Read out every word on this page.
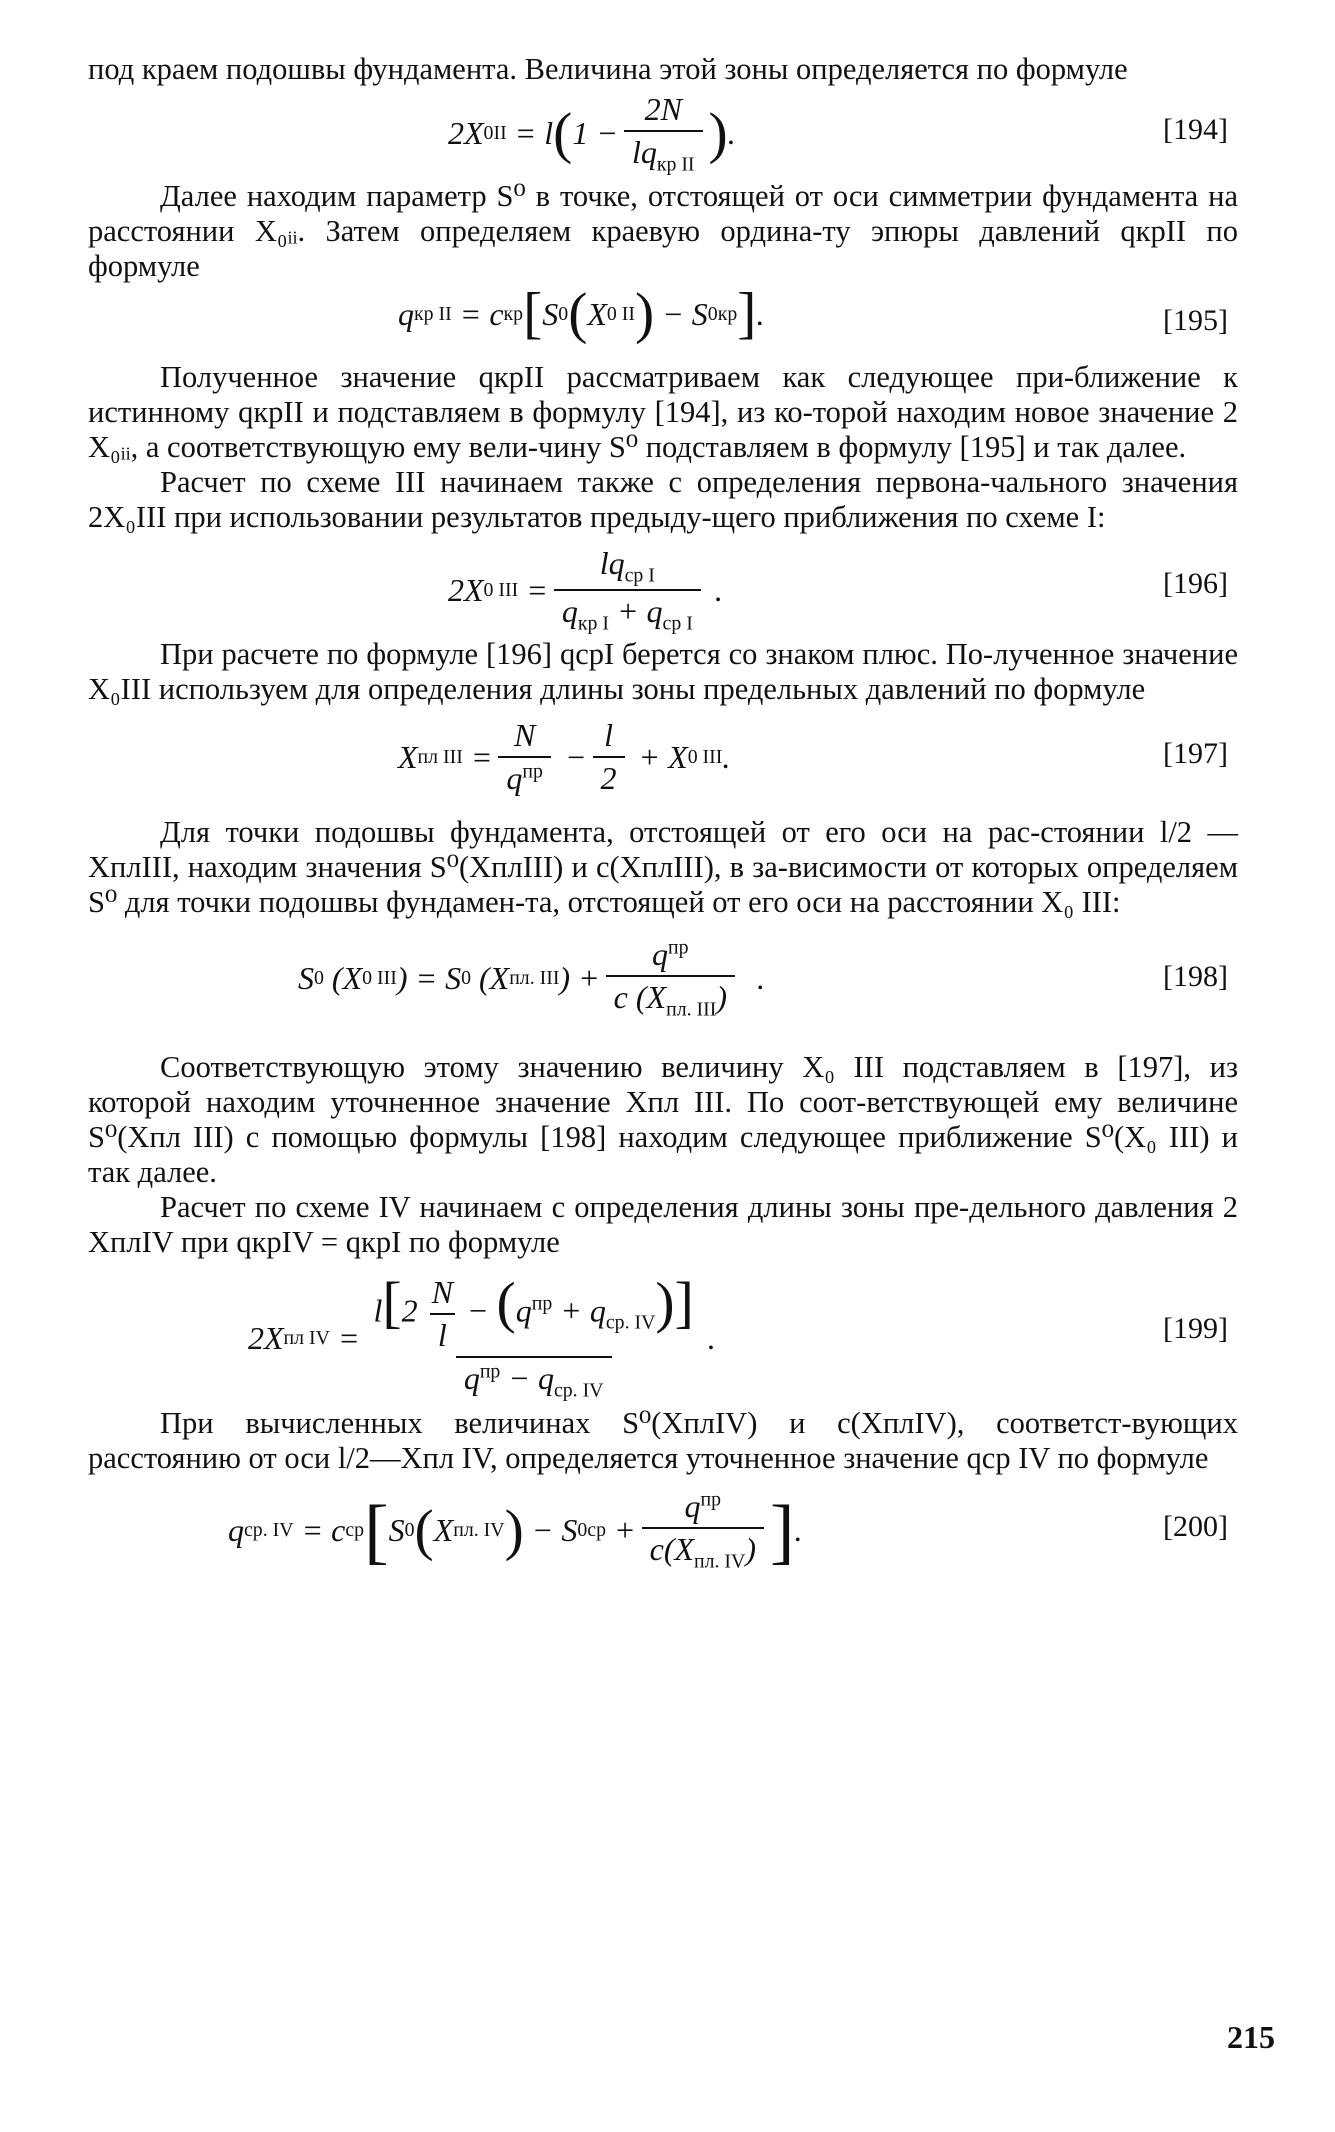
под краем подошвы фундамента. Величина этой зоны определяется по формуле

2X 0II = l ( $1 - \frac{2N}{lq_{кр II}}$ ) .	[194]

Далее находим параметр S⁰ в точке, отстоящей от оси симметрии фундамента на расстоянии X₀ᵢᵢ. Затем определяем краевую ордина-ту эпюры давлений qкрII по формуле

q кр II = c кр [ S 0 ( X 0 II ) − S 0 кр ] .	[195]

Полученное значение qкрII рассматриваем как следующее при-ближение к истинному qкрII и подставляем в формулу [194], из ко-торой находим новое значение 2 X₀ᵢᵢ, а соответствующую ему вели-чину S⁰ подставляем в формулу [195] и так далее.

Расчет по схеме III начинаем также с определения первона-чального значения 2X₀III при использовании результатов предыду-щего приближения по схеме I:

2X 0 III = $\frac{lq_{ср I}}{q_{кр I} + q_{ср I}}$ .	[196]

При расчете по формуле [196] qсрI берется со знаком плюс. По-лученное значение X₀III используем для определения длины зоны предельных давлений по формуле

X пл III = $\frac{N}{q^{пр}} - \frac{l}{2} + X$ 0 III .	[197]

Для точки подошвы фундамента, отстоящей от его оси на рас-стоянии l/2 — XплIII, находим значения S⁰(XплIII) и c(XплIII), в за-висимости от которых определяем S⁰ для точки подошвы фундамен-та, отстоящей от его оси на расстоянии X₀ III:

S 0 (X 0 III ) = S 0 (X пл. III ) + $\frac{q^{пр}}{c (X_{пл. III})}$ .	[198]

Соответствующую этому значению величину X₀ III подставляем в [197], из которой находим уточненное значение Xпл III. По соот-ветствующей ему величине S⁰(Xпл III) с помощью формулы [198] находим следующее приближение S⁰(X₀ III) и так далее.

Расчет по схеме IV начинаем с определения длины зоны пре-дельного давления 2 XплIV при qкрIV = qкрI по формуле

2X пл IV = $\frac{l[2 \frac{N}{l} - (q^{пр} + q_{ср. IV})]}{q^{пр} - q_{ср. IV}}$ .	[199]

При вычисленных величинах S⁰(XплIV) и c(XплIV), соответст-вующих расстоянию от оси l/2—Xпл IV, определяется уточненное значение qср IV по формуле

q ср. IV = c ср [ S 0 ( X пл. IV ) − S 0 ср + $\frac{q^{пр}}{c(X_{пл. IV})}$ ] .	[200]
215
